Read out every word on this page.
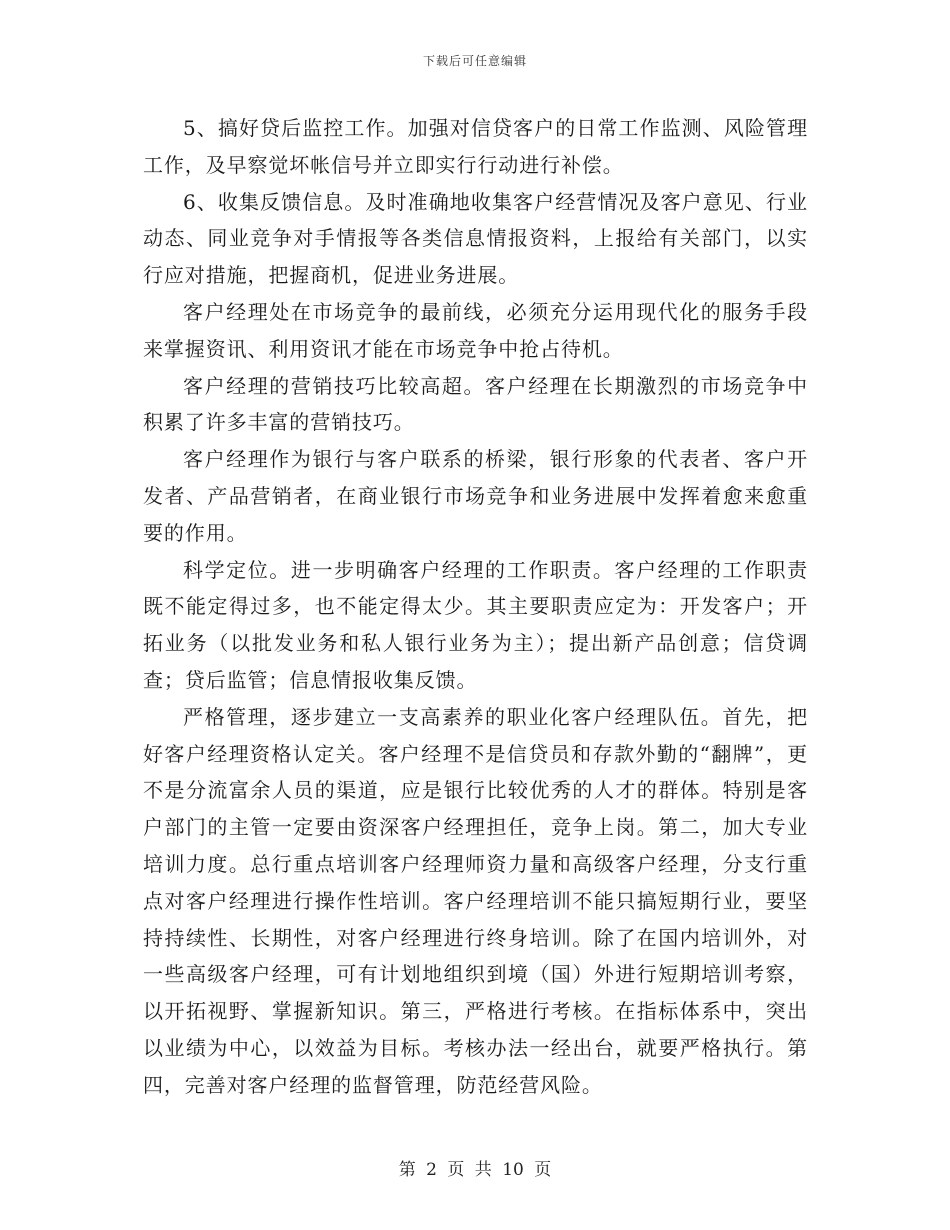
下载后可任意编辑

5、搞好贷后监控工作。加强对信贷客户的日常工作监测、风险管理工作，及早察觉坏帐信号并立即实行行动进行补偿。

6、收集反馈信息。及时准确地收集客户经营情况及客户意见、行业动态、同业竞争对手情报等各类信息情报资料，上报给有关部门，以实行应对措施，把握商机，促进业务进展。

客户经理处在市场竞争的最前线，必须充分运用现代化的服务手段来掌握资讯、利用资讯才能在市场竞争中抢占待机。

客户经理的营销技巧比较高超。客户经理在长期激烈的市场竞争中积累了许多丰富的营销技巧。

客户经理作为银行与客户联系的桥梁，银行形象的代表者、客户开发者、产品营销者，在商业银行市场竞争和业务进展中发挥着愈来愈重要的作用。

科学定位。进一步明确客户经理的工作职责。客户经理的工作职责既不能定得过多，也不能定得太少。其主要职责应定为：开发客户；开拓业务（以批发业务和私人银行业务为主）；提出新产品创意；信贷调查；贷后监管；信息情报收集反馈。

严格管理，逐步建立一支高素养的职业化客户经理队伍。首先，把好客户经理资格认定关。客户经理不是信贷员和存款外勤的“翻牌”，更不是分流富余人员的渠道，应是银行比较优秀的人才的群体。特别是客户部门的主管一定要由资深客户经理担任，竞争上岗。第二，加大专业培训力度。总行重点培训客户经理师资力量和高级客户经理，分支行重点对客户经理进行操作性培训。客户经理培训不能只搞短期行业，要坚持持续性、长期性，对客户经理进行终身培训。除了在国内培训外，对一些高级客户经理，可有计划地组织到境（国）外进行短期培训考察，以开拓视野、掌握新知识。第三，严格进行考核。在指标体系中，突出以业绩为中心，以效益为目标。考核办法一经出台，就要严格执行。第四，完善对客户经理的监督管理，防范经营风险。

第 2 页 共 10 页
